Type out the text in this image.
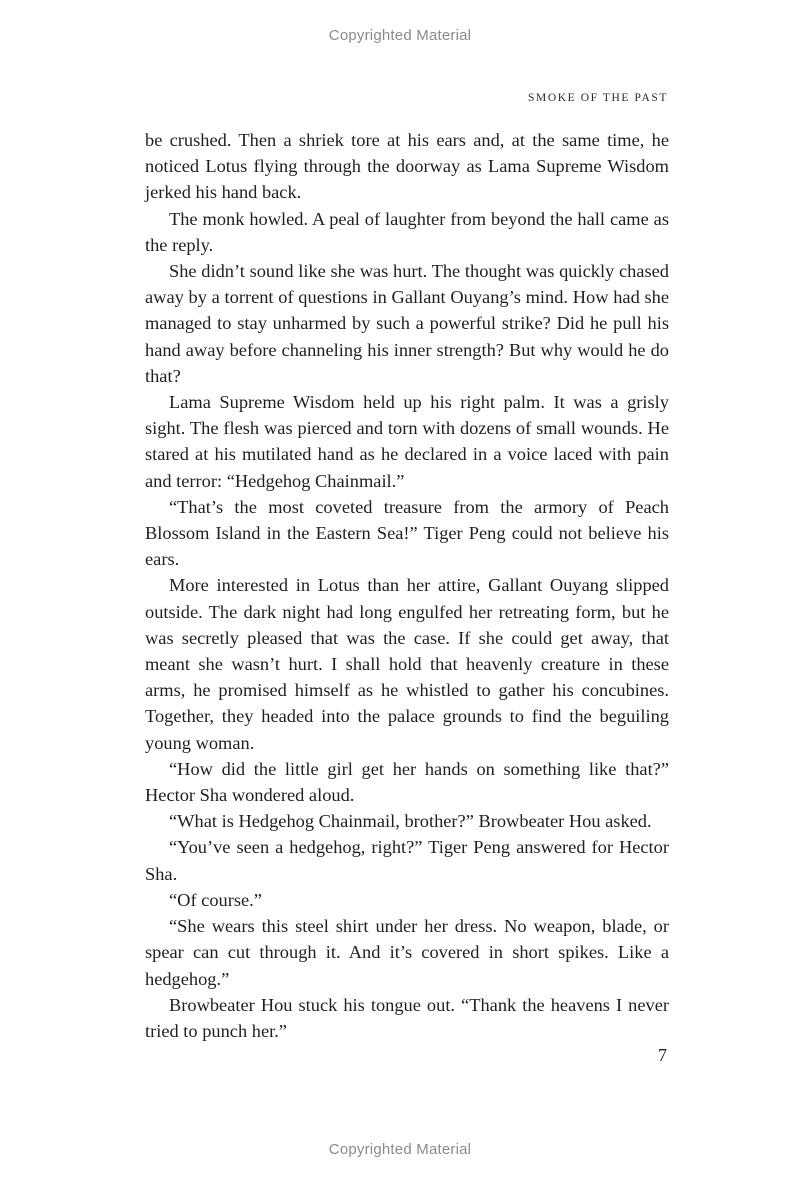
Copyrighted Material
SMOKE OF THE PAST

be crushed. Then a shriek tore at his ears and, at the same time, he noticed Lotus flying through the doorway as Lama Supreme Wisdom jerked his hand back.

The monk howled. A peal of laughter from beyond the hall came as the reply.

She didn’t sound like she was hurt. The thought was quickly chased away by a torrent of questions in Gallant Ouyang’s mind. How had she managed to stay unharmed by such a powerful strike? Did he pull his hand away before channeling his inner strength? But why would he do that?

Lama Supreme Wisdom held up his right palm. It was a grisly sight. The flesh was pierced and torn with dozens of small wounds. He stared at his mutilated hand as he declared in a voice laced with pain and terror: “Hedgehog Chainmail.”

“That’s the most coveted treasure from the armory of Peach Blossom Island in the Eastern Sea!” Tiger Peng could not believe his ears.

More interested in Lotus than her attire, Gallant Ouyang slipped outside. The dark night had long engulfed her retreating form, but he was secretly pleased that was the case. If she could get away, that meant she wasn’t hurt. I shall hold that heavenly creature in these arms, he promised himself as he whistled to gather his concubines. Together, they headed into the palace grounds to find the beguiling young woman.

“How did the little girl get her hands on something like that?” Hector Sha wondered aloud.

“What is Hedgehog Chainmail, brother?” Browbeater Hou asked.

“You’ve seen a hedgehog, right?” Tiger Peng answered for Hector Sha.

“Of course.”

“She wears this steel shirt under her dress. No weapon, blade, or spear can cut through it. And it’s covered in short spikes. Like a hedgehog.”

Browbeater Hou stuck his tongue out. “Thank the heavens I never tried to punch her.”

7
Copyrighted Material
